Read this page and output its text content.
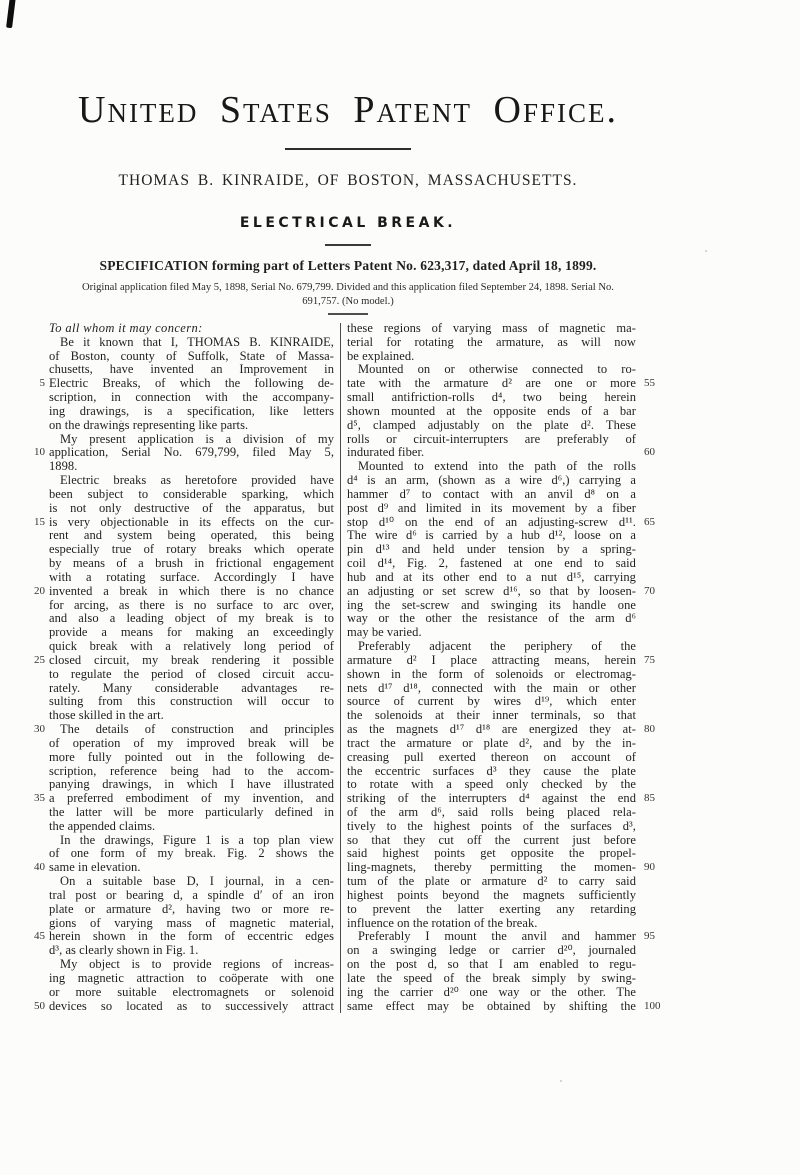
United States Patent Office.
THOMAS B. KINRAIDE, OF BOSTON, MASSACHUSETTS.
ELECTRICAL BREAK.
SPECIFICATION forming part of Letters Patent No. 623,317, dated April 18, 1899.
Original application filed May 5, 1898, Serial No. 679,799. Divided and this application filed September 24, 1898. Serial No.
691,757. (No model.)
5
10
15
20
25
30
35
40
45
50
To all whom it may concern:
Be it known that I, THOMAS B. KINRAIDE,
of Boston, county of Suffolk, State of Massa-
chusetts, have invented an Improvement in
Electric Breaks, of which the following de-
scription, in connection with the accompany-
ing drawings, is a specification, like letters
on the drawings representing like parts.
My present application is a division of my
application, Serial No. 679,799, filed May 5,
1898.
Electric breaks as heretofore provided have
been subject to considerable sparking, which
is not only destructive of the apparatus, but
is very objectionable in its effects on the cur-
rent and system being operated, this being
especially true of rotary breaks which operate
by means of a brush in frictional engagement
with a rotating surface. Accordingly I have
invented a break in which there is no chance
for arcing, as there is no surface to arc over,
and also a leading object of my break is to
provide a means for making an exceedingly
quick break with a relatively long period of
closed circuit, my break rendering it possible
to regulate the period of closed circuit accu-
rately. Many considerable advantages re-
sulting from this construction will occur to
those skilled in the art.
The details of construction and principles
of operation of my improved break will be
more fully pointed out in the following de-
scription, reference being had to the accom-
panying drawings, in which I have illustrated
a preferred embodiment of my invention, and
the latter will be more particularly defined in
the appended claims.
In the drawings, Figure 1 is a top plan view
of one form of my break. Fig. 2 shows the
same in elevation.
On a suitable base D, I journal, in a cen-
tral post or bearing d, a spindle d′ of an iron
plate or armature d², having two or more re-
gions of varying mass of magnetic material,
herein shown in the form of eccentric edges
d³, as clearly shown in Fig. 1.
My object is to provide regions of increas-
ing magnetic attraction to coöperate with one
or more suitable electromagnets or solenoid
devices so located as to successively attract
these regions of varying mass of magnetic ma-
terial for rotating the armature, as will now
be explained.
Mounted on or otherwise connected to ro-
tate with the armature d² are one or more
small antifriction-rolls d⁴, two being herein
shown mounted at the opposite ends of a bar
d⁵, clamped adjustably on the plate d². These
rolls or circuit-interrupters are preferably of
indurated fiber.
Mounted to extend into the path of the rolls
d⁴ is an arm, (shown as a wire d⁶,) carrying a
hammer d⁷ to contact with an anvil d⁸ on a
post d⁹ and limited in its movement by a fiber
stop d¹⁰ on the end of an adjusting-screw d¹¹.
The wire d⁶ is carried by a hub d¹², loose on a
pin d¹³ and held under tension by a spring-
coil d¹⁴, Fig. 2, fastened at one end to said
hub and at its other end to a nut d¹⁵, carrying
an adjusting or set screw d¹⁶, so that by loosen-
ing the set-screw and swinging its handle one
way or the other the resistance of the arm d⁶
may be varied.
Preferably adjacent the periphery of the
armature d² I place attracting means, herein
shown in the form of solenoids or electromag-
nets d¹⁷ d¹⁸, connected with the main or other
source of current by wires d¹⁹, which enter
the solenoids at their inner terminals, so that
as the magnets d¹⁷ d¹⁸ are energized they at-
tract the armature or plate d², and by the in-
creasing pull exerted thereon on account of
the eccentric surfaces d³ they cause the plate
to rotate with a speed only checked by the
striking of the interrupters d⁴ against the end
of the arm d⁶, said rolls being placed rela-
tively to the highest points of the surfaces d³,
so that they cut off the current just before
said highest points get opposite the propel-
ling-magnets, thereby permitting the momen-
tum of the plate or armature d² to carry said
highest points beyond the magnets sufficiently
to prevent the latter exerting any retarding
influence on the rotation of the break.
Preferably I mount the anvil and hammer
on a swinging ledge or carrier d²⁰, journaled
on the post d, so that I am enabled to regu-
late the speed of the break simply by swing-
ing the carrier d²⁰ one way or the other. The
same effect may be obtained by shifting the
55
60
65
70
75
80
85
90
95
100
